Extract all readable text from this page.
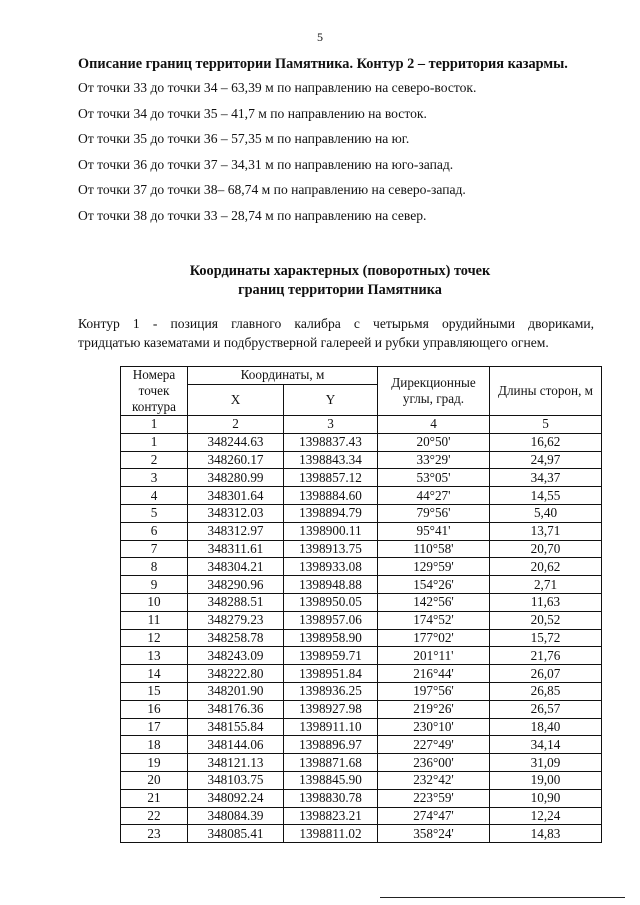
5
Описание границ территории Памятника. Контур 2 – территория казармы.
От точки 33 до точки 34 – 63,39 м по направлению на северо-восток.
От точки 34 до точки 35 – 41,7 м по направлению на восток.
От точки 35 до точки 36 – 57,35 м по направлению на юг.
От точки 36 до точки 37 – 34,31 м по направлению на юго-запад.
От точки 37 до точки 38– 68,74 м по направлению на северо-запад.
От точки 38 до точки 33 – 28,74 м по направлению на север.
Координаты характерных (поворотных) точек
границ территории Памятника
Контур 1 - позиция главного калибра с четырьмя орудийными двориками,
тридцатью казематами и подбрустверной галереей и рубки управляющего огнем.
Номера точек контура	Координаты, м		Дирекционные углы, град.	Длины сторон, м
	X	Y		
1	2	3	4	5
1	348244.63	1398837.43	20°50'	16,62
2	348260.17	1398843.34	33°29'	24,97
3	348280.99	1398857.12	53°05'	34,37
4	348301.64	1398884.60	44°27'	14,55
5	348312.03	1398894.79	79°56'	5,40
6	348312.97	1398900.11	95°41'	13,71
7	348311.61	1398913.75	110°58'	20,70
8	348304.21	1398933.08	129°59'	20,62
9	348290.96	1398948.88	154°26'	2,71
10	348288.51	1398950.05	142°56'	11,63
11	348279.23	1398957.06	174°52'	20,52
12	348258.78	1398958.90	177°02'	15,72
13	348243.09	1398959.71	201°11'	21,76
14	348222.80	1398951.84	216°44'	26,07
15	348201.90	1398936.25	197°56'	26,85
16	348176.36	1398927.98	219°26'	26,57
17	348155.84	1398911.10	230°10'	18,40
18	348144.06	1398896.97	227°49'	34,14
19	348121.13	1398871.68	236°00'	31,09
20	348103.75	1398845.90	232°42'	19,00
21	348092.24	1398830.78	223°59'	10,90
22	348084.39	1398823.21	274°47'	12,24
23	348085.41	1398811.02	358°24'	14,83
